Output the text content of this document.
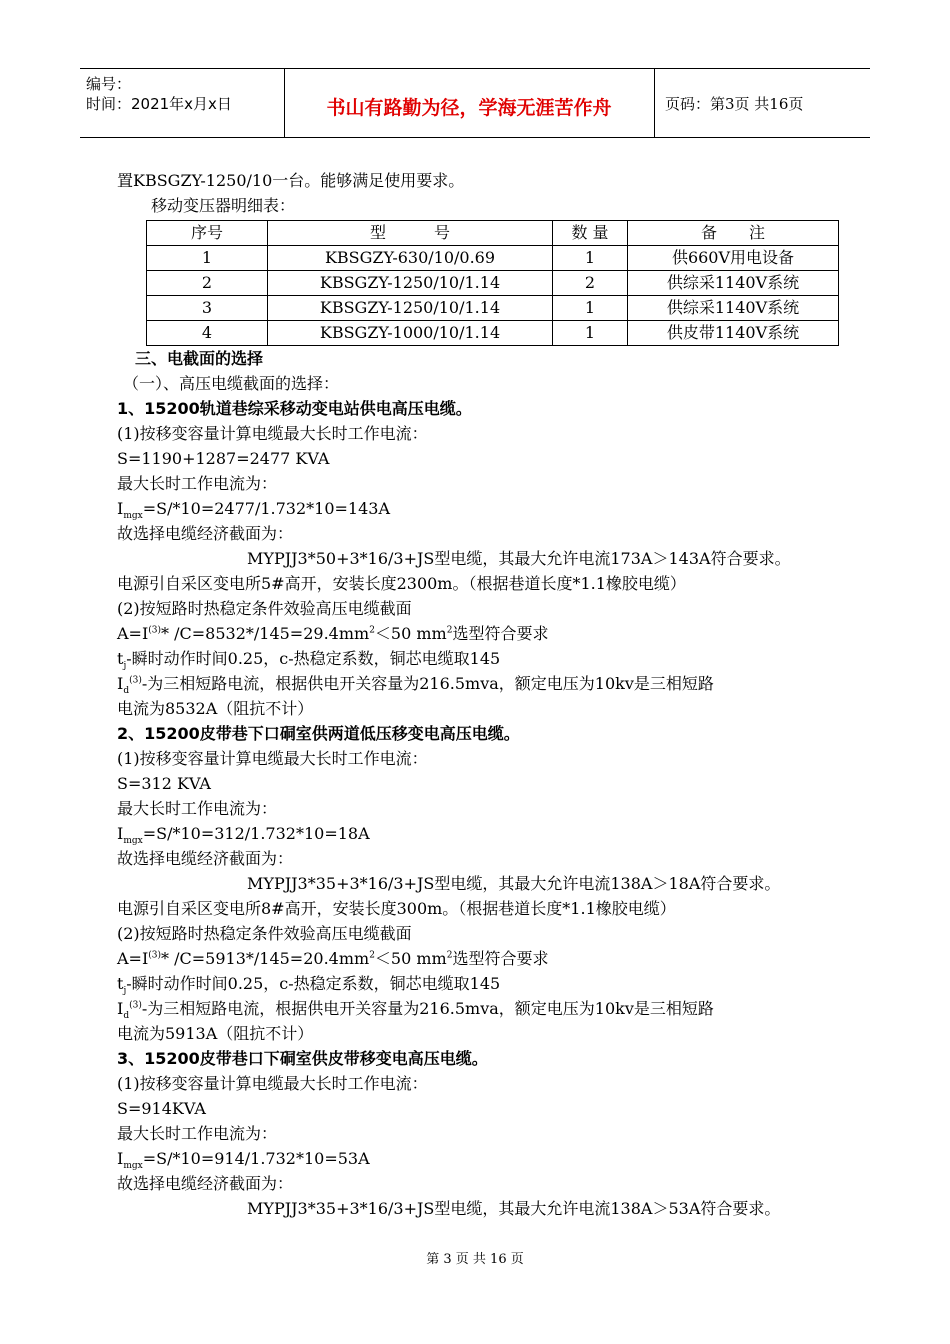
编号：
时间：2021年x月x日	书山有路勤为径，学海无涯苦作舟	页码：第3页 共16页
置KBSGZY-1250/10一台。能够满足使用要求。
移动变压器明细表：
序号	型　　　号	数 量	备　　注
1	KBSGZY-630/10/0.69	1	供660V用电设备
2	KBSGZY-1250/10/1.14	2	供综采1140V系统
3	KBSGZY-1250/10/1.14	1	供综采1140V系统
4	KBSGZY-1000/10/1.14	1	供皮带1140V系统
三、电截面的选择
（一）、高压电缆截面的选择：
1、15200轨道巷综采移动变电站供电高压电缆。
(1)按移变容量计算电缆最大长时工作电流：
S=1190+1287=2477 KVA
最大长时工作电流为：
$I_{mgx}=S/*10=2477/1.732*10=143A$
故选择电缆经济截面为：
MYPJJ3*50+3*16/3+JS型电缆，其最大允许电流173A＞143A符合要求。
电源引自采区变电所5#高开，安装长度2300m。（根据巷道长度*1.1橡胶电缆）
(2)按短路时热稳定条件效验高压电缆截面
$A=I^{(3)}*$ $/C=8532*/145=29.4mm^2<50$ $mm^2$选型符合要求
$t_j-$瞬时动作时间0.25，c-热稳定系数，铜芯电缆取145
$I_d^{(3)}-$为三相短路电流，根据供电开关容量为216.5mva，额定电压为10kv是三相短路
电流为8532A（阻抗不计）
2、15200皮带巷下口硐室供两道低压移变电高压电缆。
(1)按移变容量计算电缆最大长时工作电流：
S=312 KVA
最大长时工作电流为：
$I_{mgx}=S/*10=312/1.732*10=18A$
故选择电缆经济截面为：
MYPJJ3*35+3*16/3+JS型电缆，其最大允许电流138A＞18A符合要求。
电源引自采区变电所8#高开，安装长度300m。（根据巷道长度*1.1橡胶电缆）
(2)按短路时热稳定条件效验高压电缆截面
$A=I^{(3)}*$ $/C=5913*/145=20.4mm^2<50$ $mm^2$选型符合要求
$t_j-$瞬时动作时间0.25，c-热稳定系数，铜芯电缆取145
$I_d^{(3)}-$为三相短路电流，根据供电开关容量为216.5mva，额定电压为10kv是三相短路
电流为5913A（阻抗不计）
3、15200皮带巷口下硐室供皮带移变电高压电缆。
(1)按移变容量计算电缆最大长时工作电流：
S=914KVA
最大长时工作电流为：
$I_{mgx}=S/*10=914/1.732*10=53A$
故选择电缆经济截面为：
MYPJJ3*35+3*16/3+JS型电缆，其最大允许电流138A＞53A符合要求。
第 3 页 共 16 页
